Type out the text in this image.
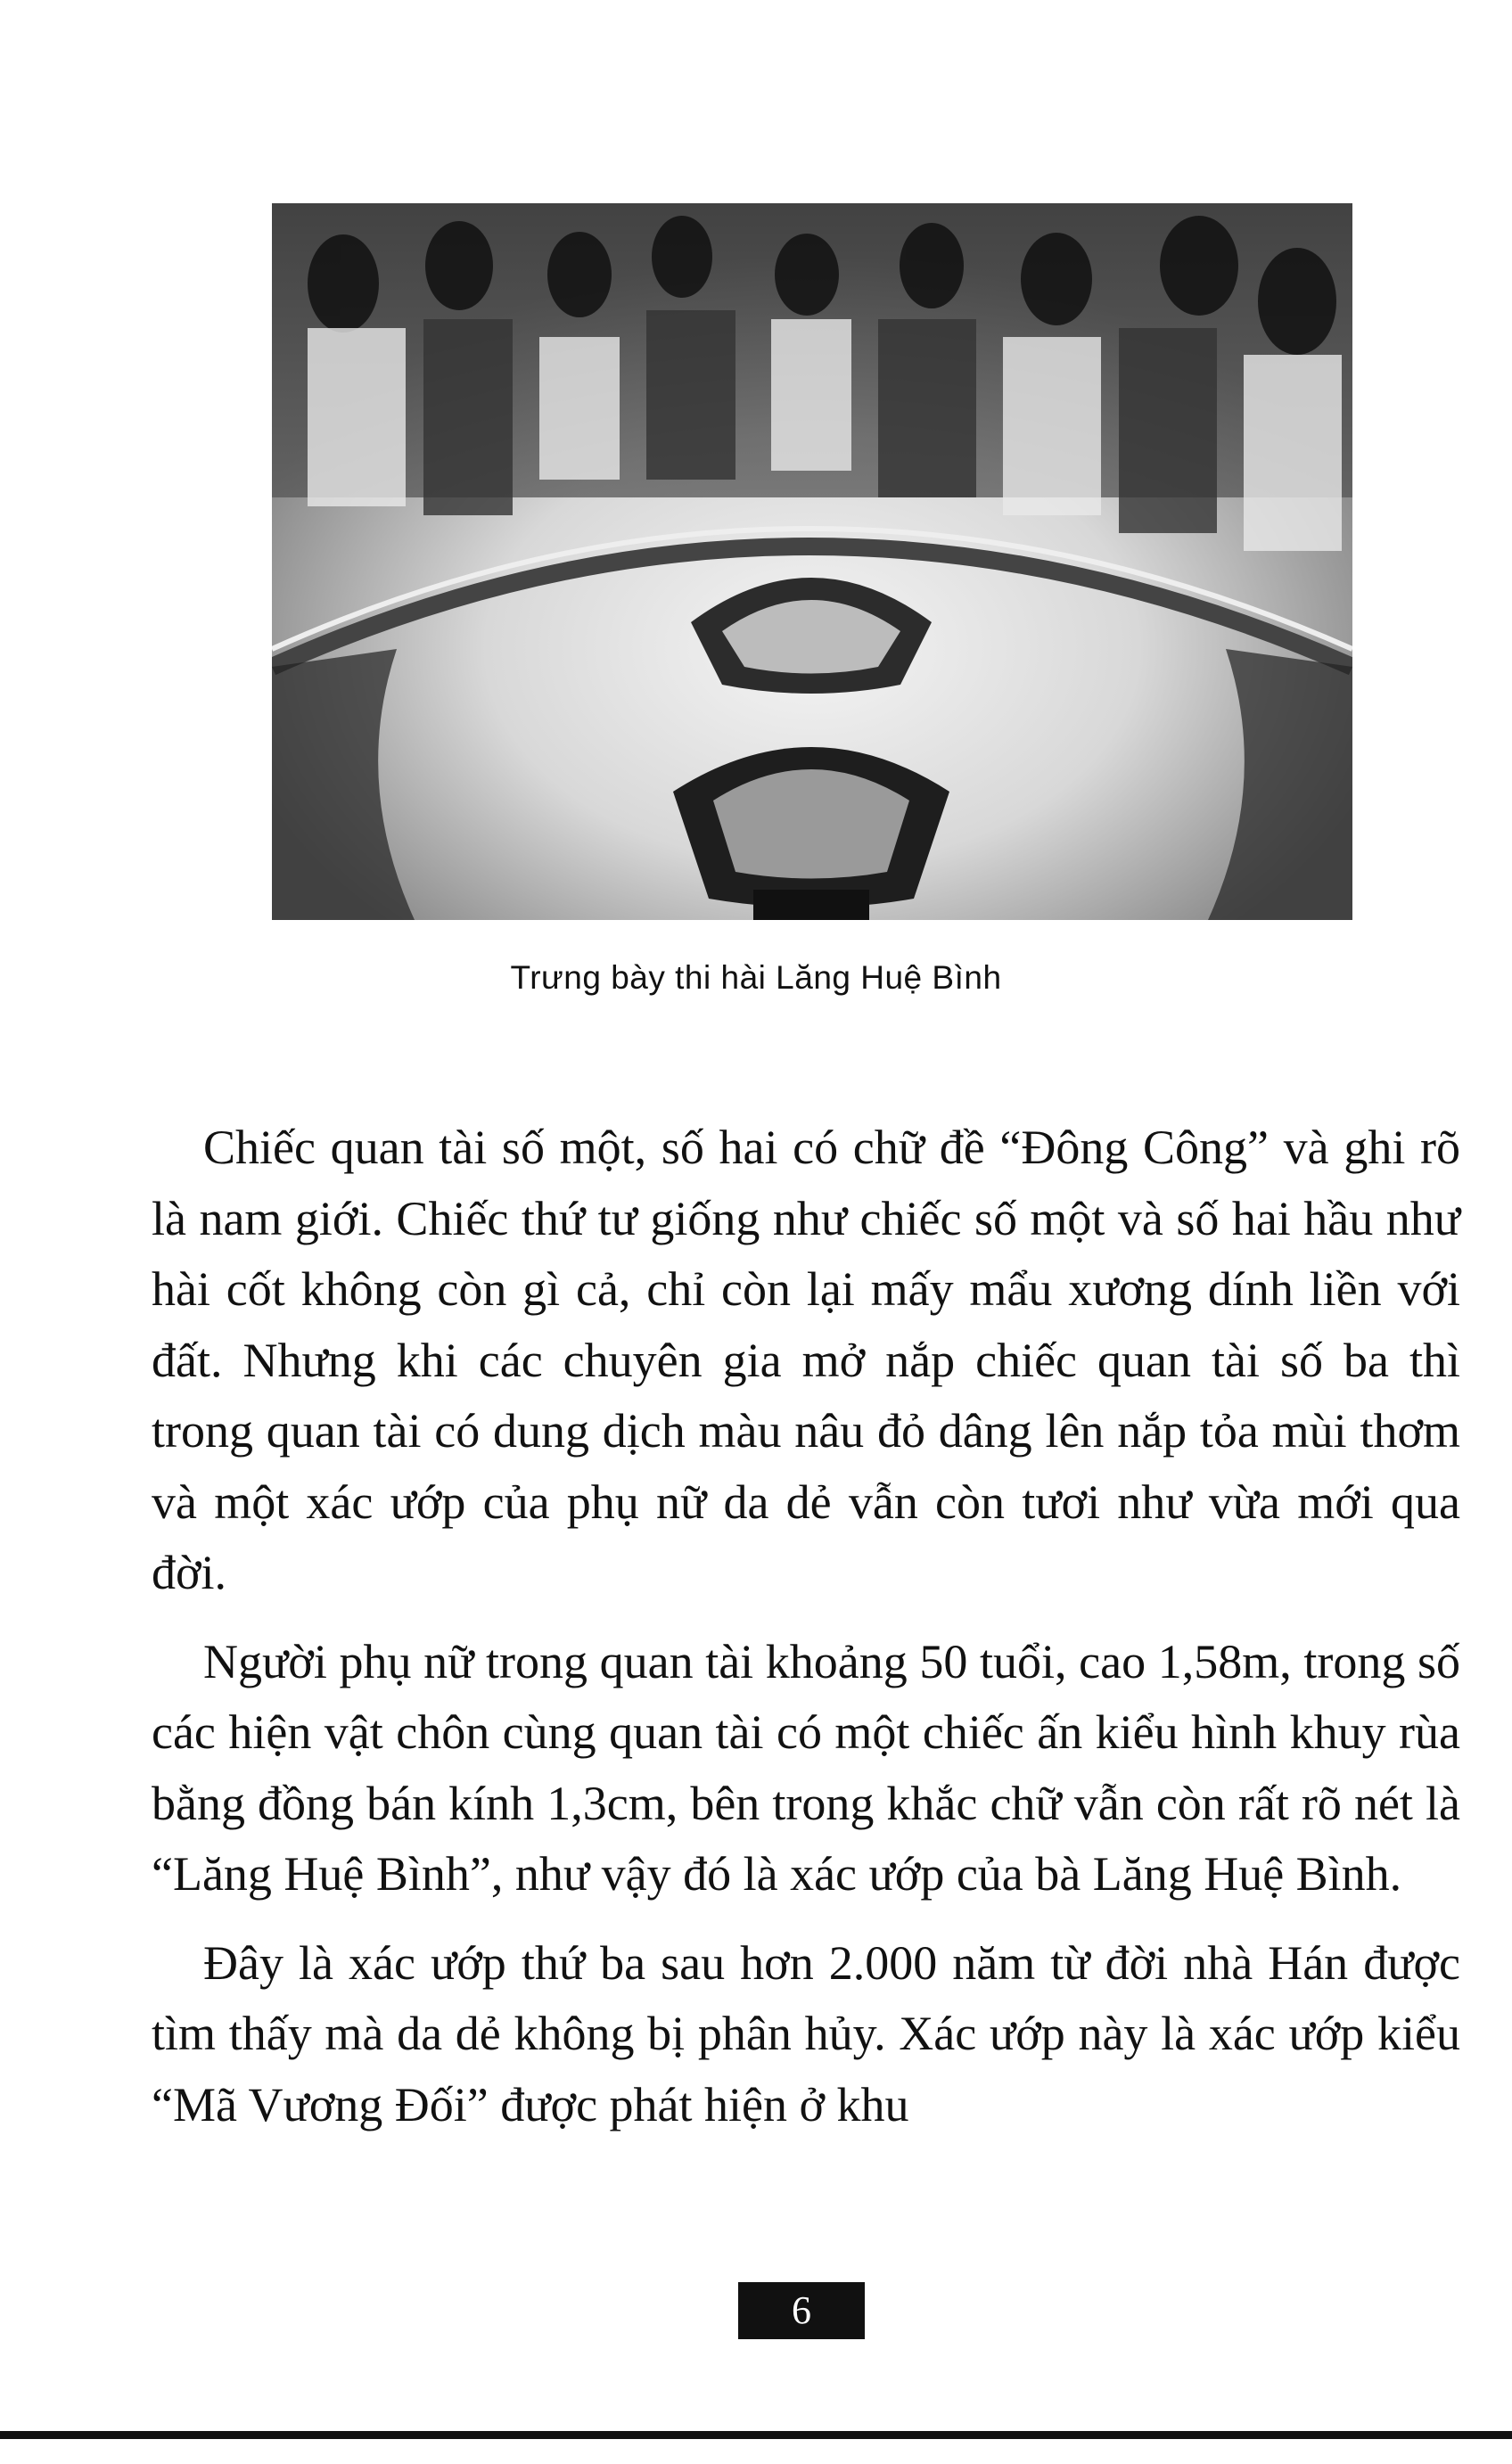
Trưng bày thi hài Lăng Huệ Bình

Chiếc quan tài số một, số hai có chữ đề “Đông Công” và ghi rõ là nam giới. Chiếc thứ tư giống như chiếc số một và số hai hầu như hài cốt không còn gì cả, chỉ còn lại mấy mẩu xương dính liền với đất. Nhưng khi các chuyên gia mở nắp chiếc quan tài số ba thì trong quan tài có dung dịch màu nâu đỏ dâng lên nắp tỏa mùi thơm và một xác ướp của phụ nữ da dẻ vẫn còn tươi như vừa mới qua đời.

Người phụ nữ trong quan tài khoảng 50 tuổi, cao 1,58m, trong số các hiện vật chôn cùng quan tài có một chiếc ấn kiểu hình khuy rùa bằng đồng bán kính 1,3cm, bên trong khắc chữ vẫn còn rất rõ nét là “Lăng Huệ Bình”, như vậy đó là xác ướp của bà Lăng Huệ Bình.

Đây là xác ướp thứ ba sau hơn 2.000 năm từ đời nhà Hán được tìm thấy mà da dẻ không bị phân hủy. Xác ướp này là xác ướp kiểu “Mã Vương Đối” được phát hiện ở khu

6
